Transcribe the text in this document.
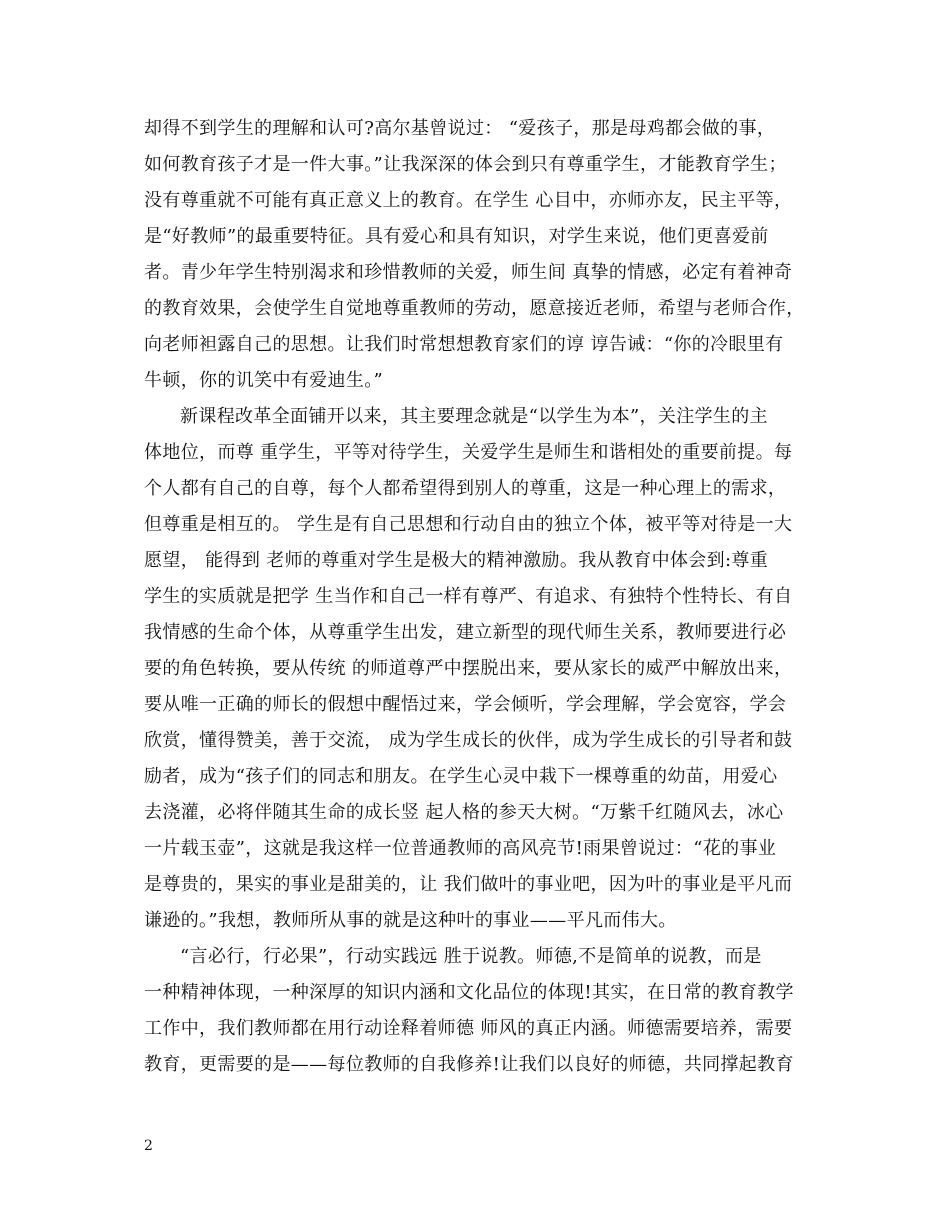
却得不到学生的理解和认可?高尔基曾说过： “爱孩子，那是母鸡都会做的事，
如何教育孩子才是一件大事。”让我深深的体会到只有尊重学生，才能教育学生；
没有尊重就不可能有真正意义上的教育。在学生 心目中，亦师亦友，民主平等，
是“好教师”的最重要特征。具有爱心和具有知识，对学生来说，他们更喜爱前
者。青少年学生特别渴求和珍惜教师的关爱，师生间 真挚的情感，必定有着神奇
的教育效果，会使学生自觉地尊重教师的劳动，愿意接近老师，希望与老师合作，
向老师袒露自己的思想。让我们时常想想教育家们的谆 谆告诫：“你的冷眼里有
牛顿，你的讥笑中有爱迪生。”
新课程改革全面铺开以来，其主要理念就是“以学生为本”，关注学生的主
体地位，而尊 重学生，平等对待学生，关爱学生是师生和谐相处的重要前提。每
个人都有自己的自尊，每个人都希望得到别人的尊重，这是一种心理上的需求，
但尊重是相互的。 学生是有自己思想和行动自由的独立个体，被平等对待是一大
愿望， 能得到 老师的尊重对学生是极大的精神激励。我从教育中体会到:尊重
学生的实质就是把学 生当作和自己一样有尊严、有追求、有独特个性特长、有自
我情感的生命个体，从尊重学生出发，建立新型的现代师生关系，教师要进行必
要的角色转换，要从传统 的师道尊严中摆脱出来，要从家长的威严中解放出来，
要从唯一正确的师长的假想中醒悟过来，学会倾听，学会理解，学会宽容，学会
欣赏，懂得赞美，善于交流， 成为学生成长的伙伴，成为学生成长的引导者和鼓
励者，成为“孩子们的同志和朋友。在学生心灵中栽下一棵尊重的幼苗，用爱心
去浇灌，必将伴随其生命的成长竖 起人格的参天大树。“万紫千红随风去，冰心
一片载玉壶”，这就是我这样一位普通教师的高风亮节!雨果曾说过：“花的事业
是尊贵的，果实的事业是甜美的，让 我们做叶的事业吧，因为叶的事业是平凡而
谦逊的。”我想，教师所从事的就是这种叶的事业——平凡而伟大。
“言必行，行必果”，行动实践远 胜于说教。师德,不是简单的说教，而是
一种精神体现，一种深厚的知识内涵和文化品位的体现!其实，在日常的教育教学
工作中，我们教师都在用行动诠释着师德 师风的真正内涵。师德需要培养，需要
教育，更需要的是——每位教师的自我修养!让我们以良好的师德，共同撑起教育
2
